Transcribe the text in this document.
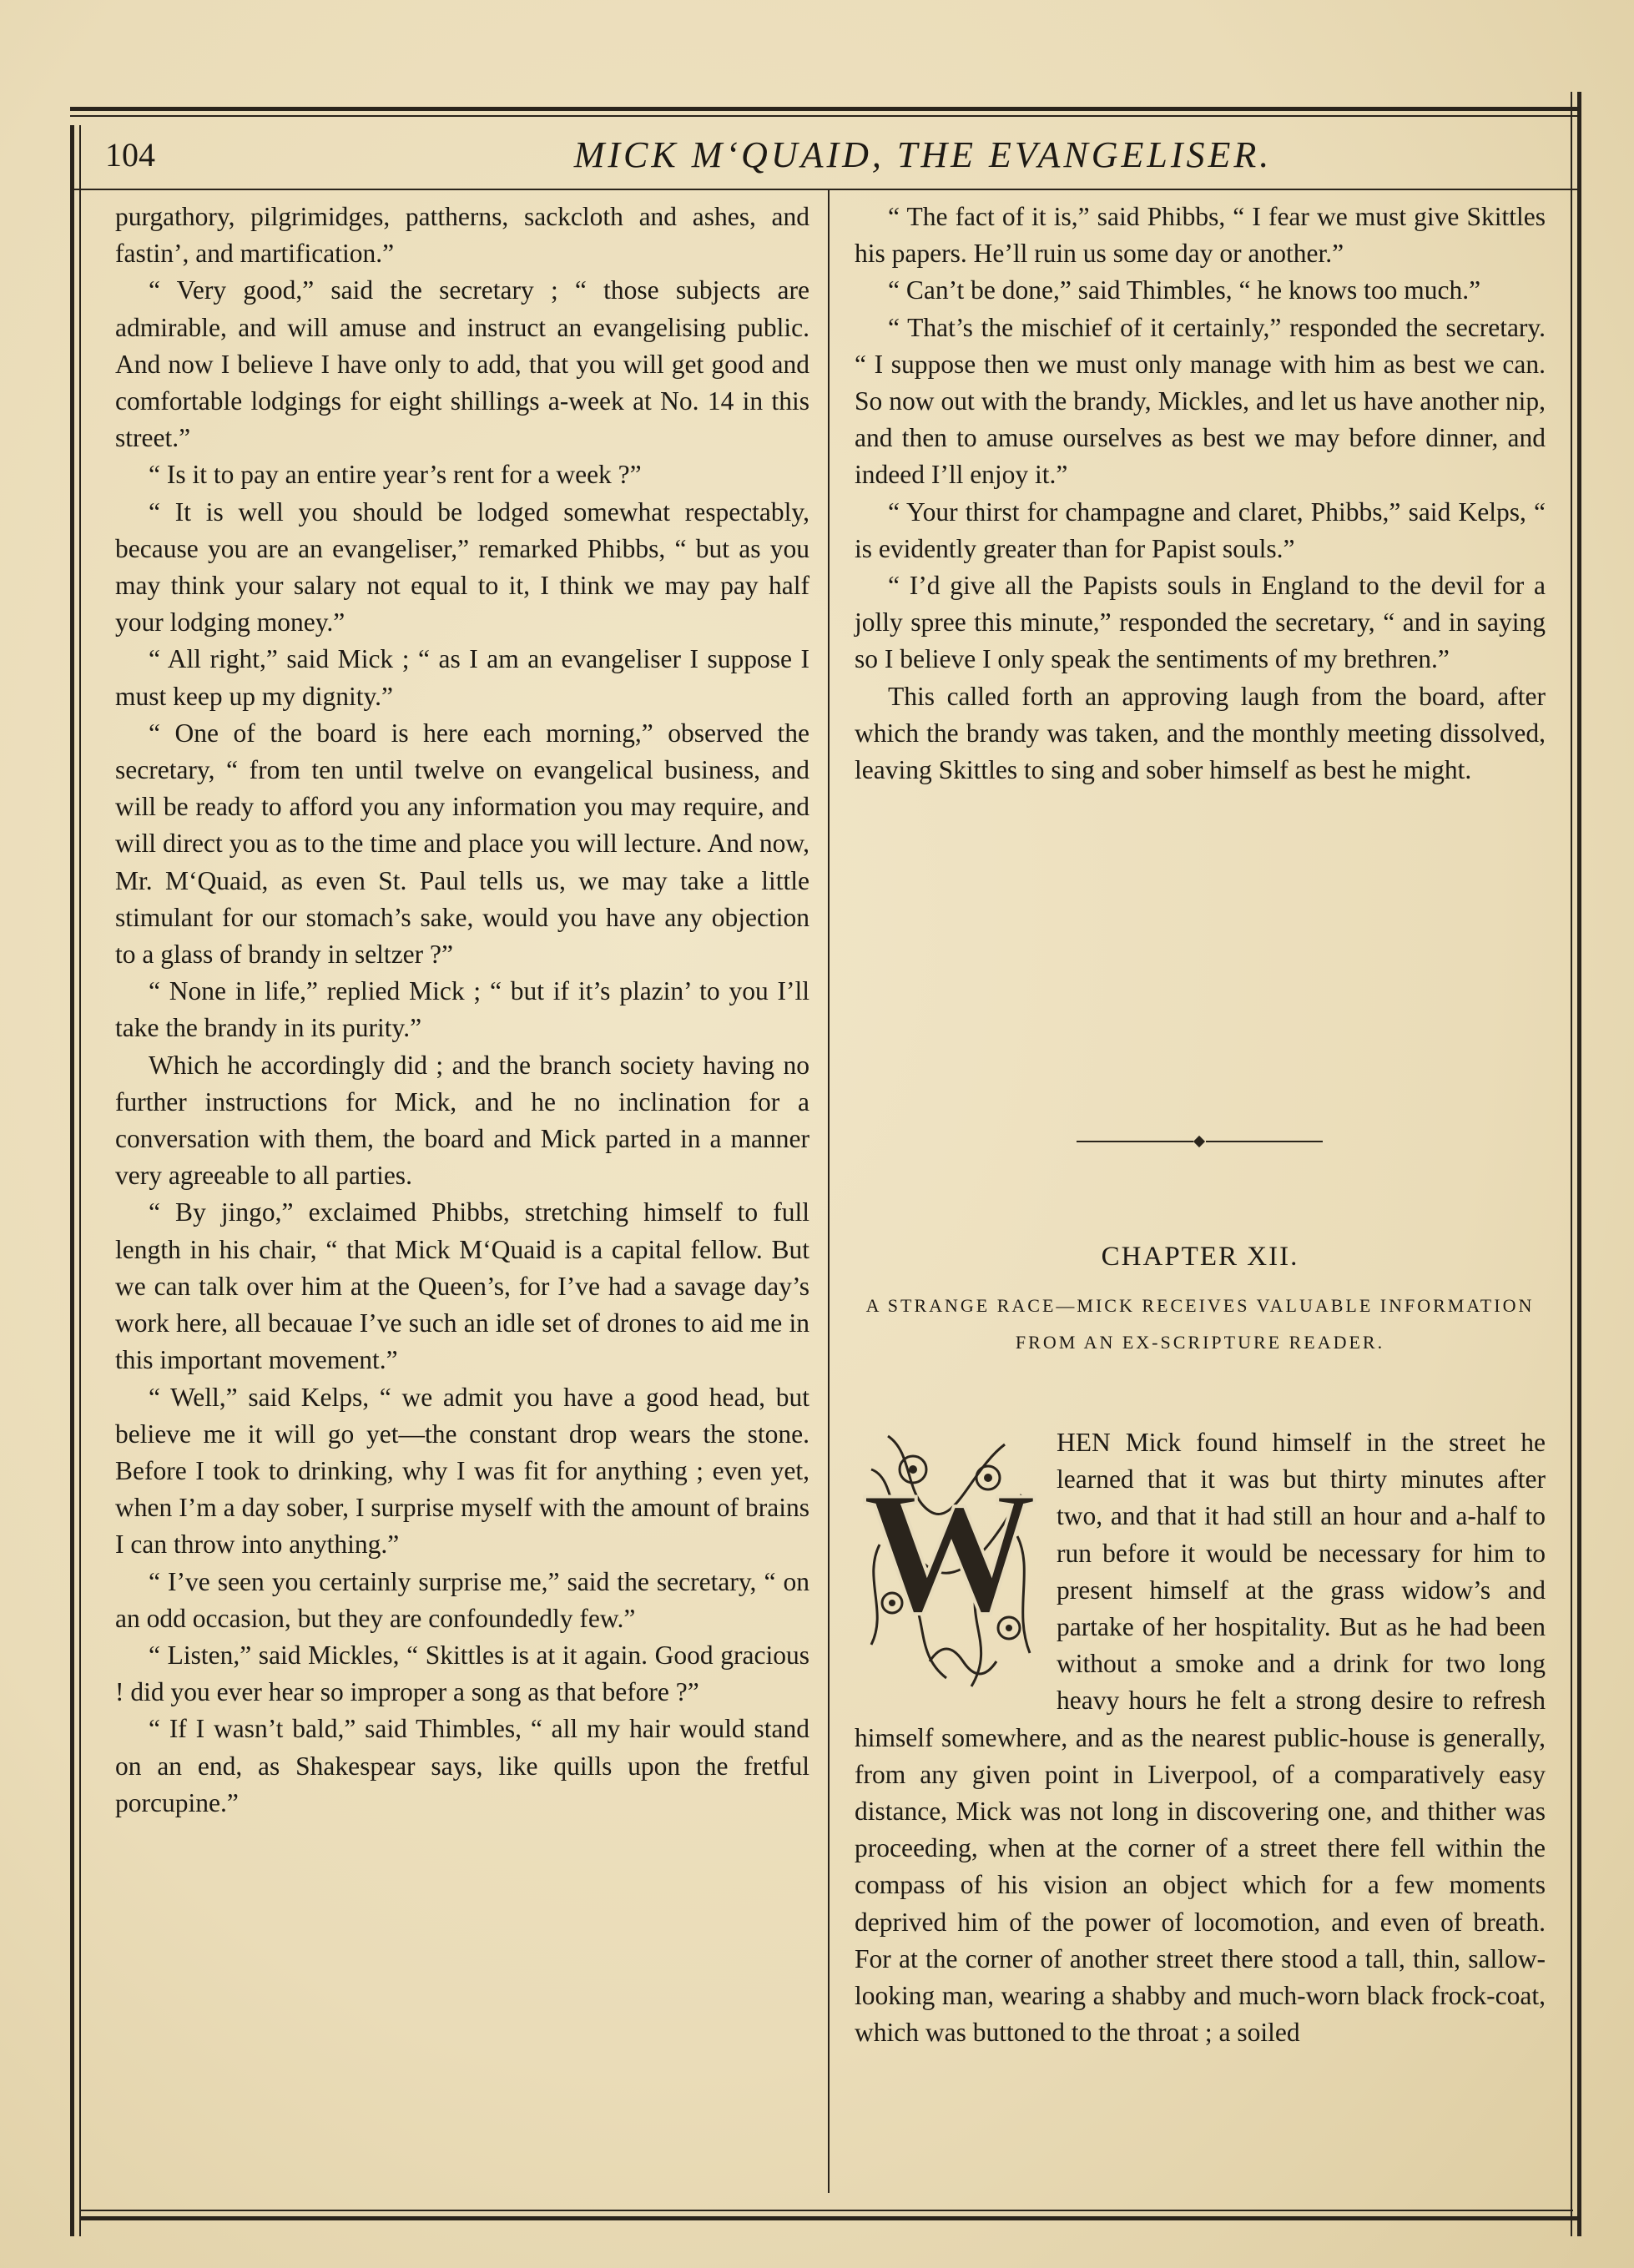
104	MICK M‘QUAID, THE EVANGELISER.

purgathory, pilgrimidges, pattherns, sackcloth and ashes, and fastin’, and martification.”

“ Very good,” said the secretary ; “ those subjects are admirable, and will amuse and instruct an evangelising public. And now I believe I have only to add, that you will get good and comfortable lodgings for eight shillings a-week at No. 14 in this street.”

“ Is it to pay an entire year’s rent for a week ?”

“ It is well you should be lodged somewhat respectably, because you are an evangeliser,” remarked Phibbs, “ but as you may think your salary not equal to it, I think we may pay half your lodging money.”

“ All right,” said Mick ; “ as I am an evangeliser I suppose I must keep up my dignity.”

“ One of the board is here each morning,” observed the secretary, “ from ten until twelve on evangelical business, and will be ready to afford you any information you may require, and will direct you as to the time and place you will lecture. And now, Mr. M‘Quaid, as even St. Paul tells us, we may take a little stimulant for our stomach’s sake, would you have any objection to a glass of brandy in seltzer ?”

“ None in life,” replied Mick ; “ but if it’s plazin’ to you I’ll take the brandy in its purity.”

Which he accordingly did ; and the branch society having no further instructions for Mick, and he no inclination for a conversation with them, the board and Mick parted in a manner very agreeable to all parties.

“ By jingo,” exclaimed Phibbs, stretching himself to full length in his chair, “ that Mick M‘Quaid is a capital fellow. But we can talk over him at the Queen’s, for I’ve had a savage day’s work here, all becauae I’ve such an idle set of drones to aid me in this important movement.”

“ Well,” said Kelps, “ we admit you have a good head, but believe me it will go yet—the constant drop wears the stone. Before I took to drinking, why I was fit for anything ; even yet, when I’m a day sober, I surprise myself with the amount of brains I can throw into anything.”

“ I’ve seen you certainly surprise me,” said the secretary, “ on an odd occasion, but they are confoundedly few.”

“ Listen,” said Mickles, “ Skittles is at it again. Good gracious ! did you ever hear so improper a song as that before ?”

“ If I wasn’t bald,” said Thimbles, “ all my hair would stand on an end, as Shakespear says, like quills upon the fretful porcupine.”

“ The fact of it is,” said Phibbs, “ I fear we must give Skittles his papers. He’ll ruin us some day or another.”

“ Can’t be done,” said Thimbles, “ he knows too much.”

“ That’s the mischief of it certainly,” responded the secretary. “ I suppose then we must only manage with him as best we can. So now out with the brandy, Mickles, and let us have another nip, and then to amuse ourselves as best we may before dinner, and indeed I’ll enjoy it.”

“ Your thirst for champagne and claret, Phibbs,” said Kelps, “ is evidently greater than for Papist souls.”

“ I’d give all the Papists souls in England to the devil for a jolly spree this minute,” responded the secretary, “ and in saying so I believe I only speak the sentiments of my brethren.”

This called forth an approving laugh from the board, after which the brandy was taken, and the monthly meeting dissolved, leaving Skittles to sing and sober himself as best he might.

CHAPTER XII.
A STRANGE RACE—MICK RECEIVES VALUABLE INFORMATION FROM AN EX-SCRIPTURE READER.
W
HEN Mick found himself in the street he learned that it was but thirty minutes after two, and that it had still an hour and a-half to run before it would be necessary for him to present himself at the grass widow’s and partake of her hospitality. But as he had been without a smoke and a drink for two long heavy hours he felt a strong desire to refresh himself somewhere, and as the nearest public-house is generally, from any given point in Liverpool, of a comparatively easy distance, Mick was not long in discovering one, and thither was proceeding, when at the corner of a street there fell within the compass of his vision an object which for a few moments deprived him of the power of locomotion, and even of breath. For at the corner of another street there stood a tall, thin, sallow-looking man, wearing a shabby and much-worn black frock-coat, which was buttoned to the throat ; a soiled
